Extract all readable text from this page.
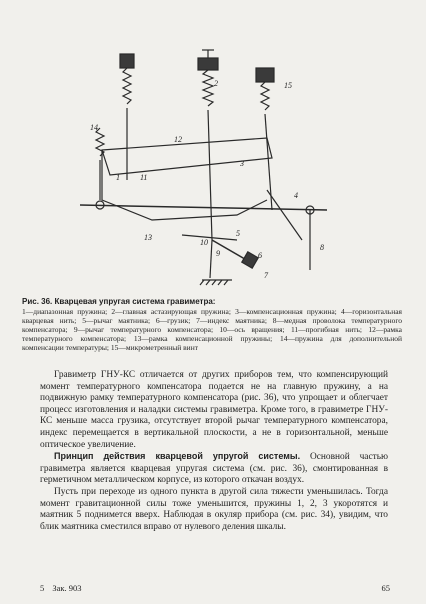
1
2
3
4
5
6
7
8
9
10
11
12
13
14
15
Рис. 36. Кварцевая упругая система гравиметра:
1—диапазонная пружина; 2—главная астазирующая пружина; 3—компенсационная пружина; 4—горизонтальная кварцевая нить; 5—рычаг маятника; 6—грузик; 7—индекс маятника; 8—медная проволока температурного компенсатора; 9—рычаг температурного компенсатора; 10—ось вращения; 11—прогибная нить; 12—рамка температурного компенсатора; 13—рамка компенсационной пружины; 14—пружина для дополнительной компенсации температуры; 15—микрометренный винт

Гравиметр ГНУ-КС отличается от других приборов тем, что компенсирующий момент температурного компенсатора подается не на главную пружину, а на подвижную рамку температурного компенсатора (рис. 36), что упрощает и облегчает процесс изготовления и наладки системы гравиметра. Кроме того, в гравиметре ГНУ-КС меньше масса грузика, отсутствует второй рычаг температурного компенсатора, индекс перемещается в вертикальной плоскости, а не в горизонтальной, меньше оптическое увеличение.

Принцип действия кварцевой упругой системы. Основной частью гравиметра является кварцевая упругая система (см. рис. 36), смонтированная в герметичном металлическом корпусе, из которого откачан воздух.

Пусть при переходе из одного пункта в другой сила тяжести уменьшилась. Тогда момент гравитационной силы тоже уменьшится, пружины 1, 2, 3 укоротятся и маятник 5 поднимется вверх. Наблюдая в окуляр прибора (см. рис. 34), увидим, что блик маятника сместился вправо от нулевого деления шкалы.

5 Зак. 903	65
